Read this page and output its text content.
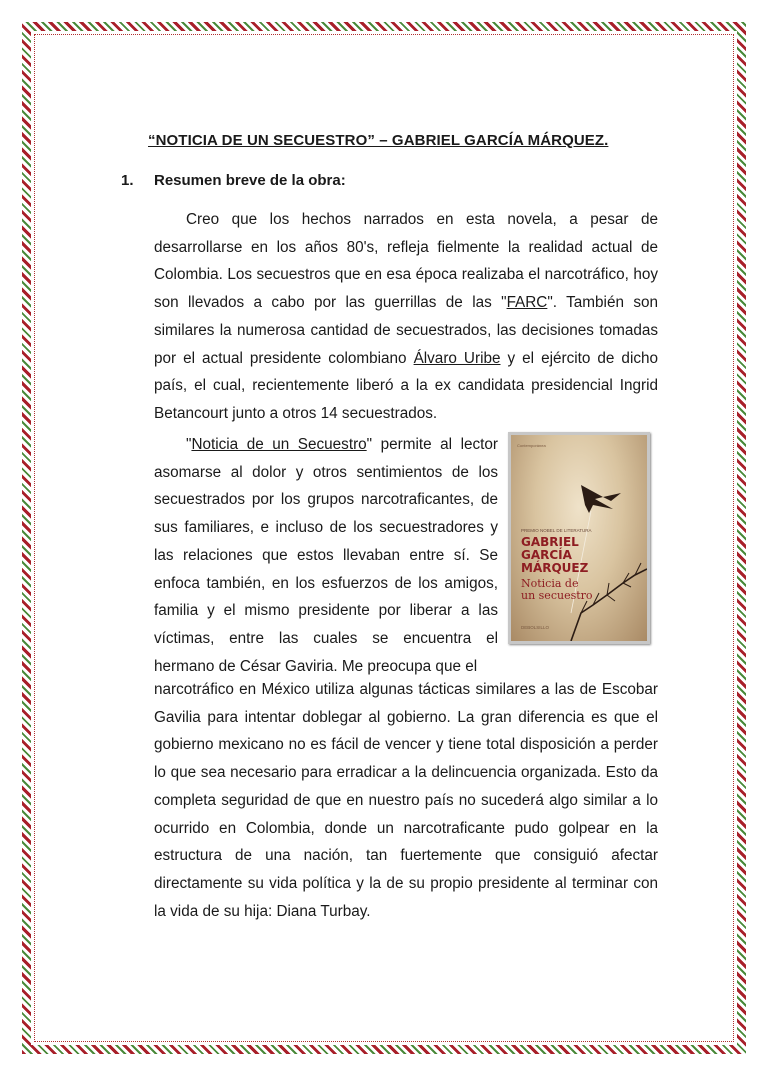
“NOTICIA DE UN SECUESTRO” – GABRIEL GARCÍA MÁRQUEZ.
1. Resumen breve de la obra:

Creo que los hechos narrados en esta novela, a pesar de desarrollarse en los años 80's, refleja fielmente la realidad actual de Colombia. Los secuestros que en esa época realizaba el narcotráfico, hoy son llevados a cabo por las guerrillas de las "FARC". También son similares la numerosa cantidad de secuestrados, las decisiones tomadas por el actual presidente colombiano Álvaro Uribe y el ejército de dicho país, el cual, recientemente liberó a la ex candidata presidencial Ingrid Betancourt junto a otros 14 secuestrados.

"Noticia de un Secuestro" permite al lector asomarse al dolor y otros sentimientos de los secuestrados por los grupos narcotraficantes, de sus familiares, e incluso de los secuestradores y las relaciones que estos llevaban entre sí. Se enfoca también, en los esfuerzos de los amigos, familia y el mismo presidente por liberar a las víctimas, entre las cuales se encuentra el hermano de César Gaviria. Me preocupa que el

Contemporánea
PREMIO NOBEL DE LITERATURA
GABRIEL
GARCÍA
MÁRQUEZ
Noticia de
un secuestro
DEBOLSILLO

narcotráfico en México utiliza algunas tácticas similares a las de Escobar Gavilia para intentar doblegar al gobierno. La gran diferencia es que el gobierno mexicano no es fácil de vencer y tiene total disposición a perder lo que sea necesario para erradicar a la delincuencia organizada. Esto da completa seguridad de que en nuestro país no sucederá algo similar a lo ocurrido en Colombia, donde un narcotraficante pudo golpear en la estructura de una nación, tan fuertemente que consiguió afectar directamente su vida política y la de su propio presidente al terminar con la vida de su hija: Diana Turbay.
